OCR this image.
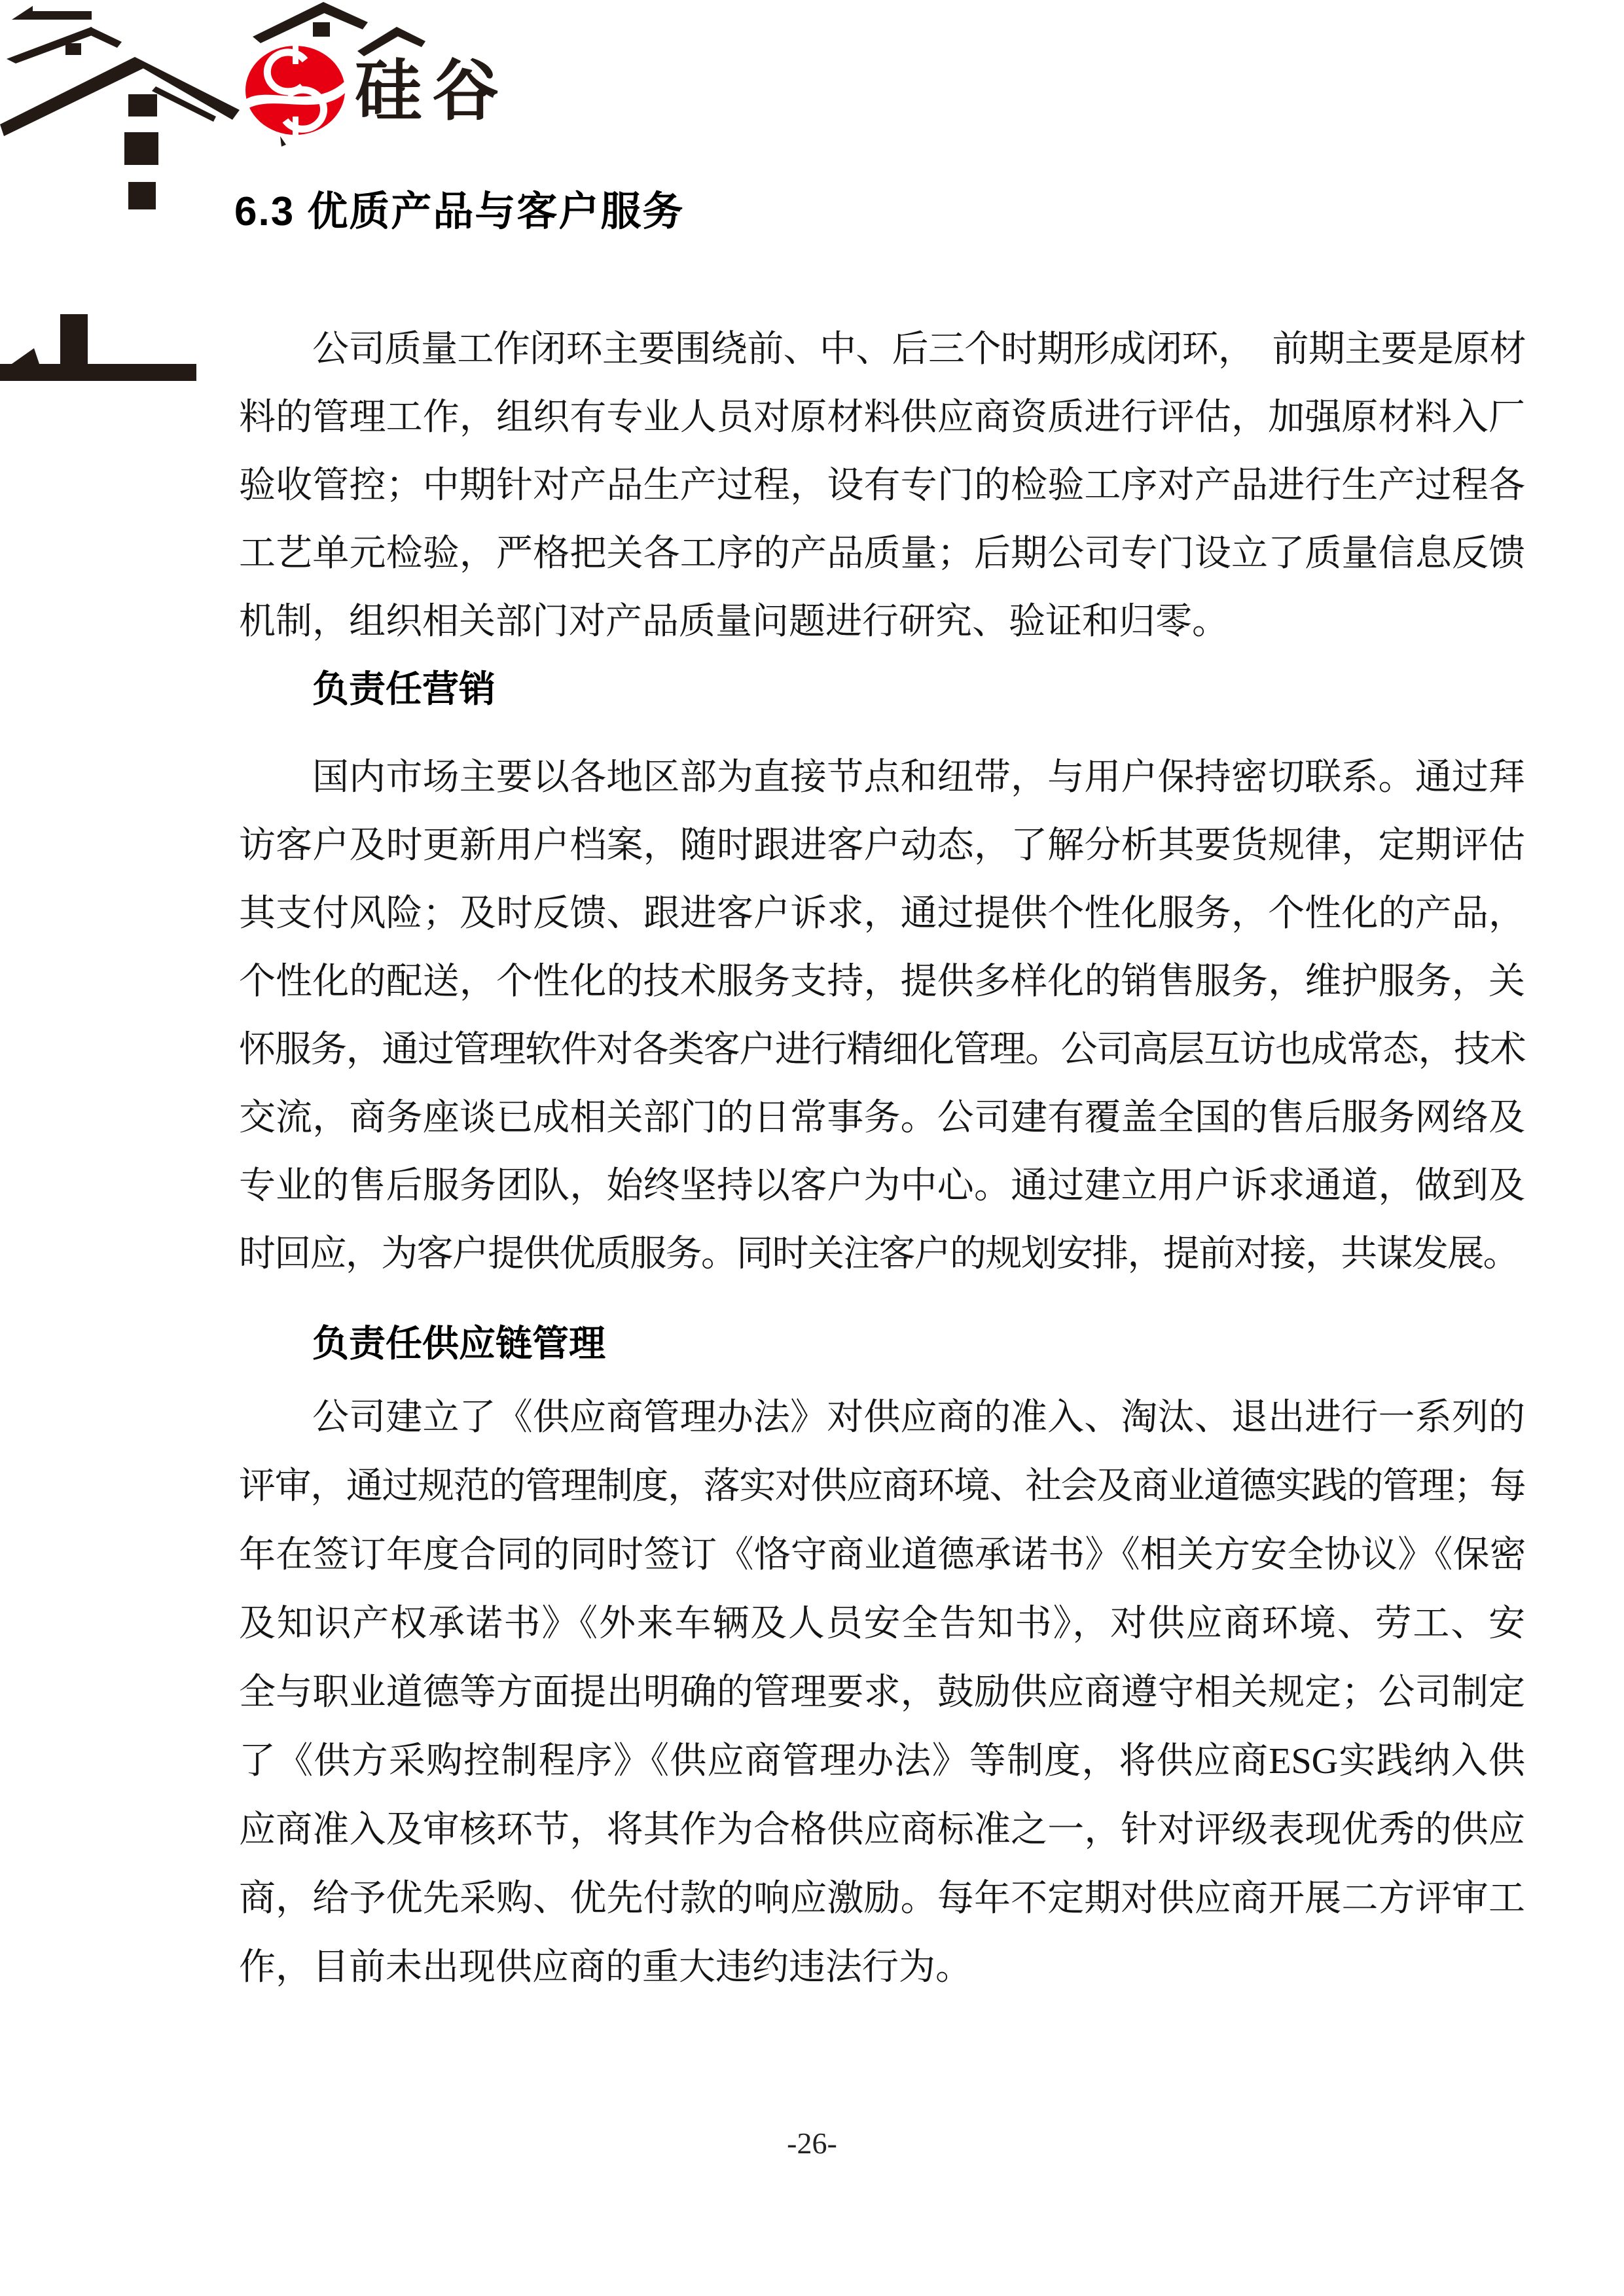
硅谷
6.3 优质产品与客户服务
公司质量工作闭环主要围绕前、中、后三个时期形成闭环，　前期主要是原材
料的管理工作，组织有专业人员对原材料供应商资质进行评估，加强原材料入厂
验收管控；中期针对产品生产过程，设有专门的检验工序对产品进行生产过程各
工艺单元检验，严格把关各工序的产品质量；后期公司专门设立了质量信息反馈
机制，组织相关部门对产品质量问题进行研究、验证和归零。
负责任营销
国内市场主要以各地区部为直接节点和纽带，与用户保持密切联系。通过拜
访客户及时更新用户档案，随时跟进客户动态，了解分析其要货规律，定期评估
其支付风险；及时反馈、跟进客户诉求，通过提供个性化服务，个性化的产品，
个性化的配送，个性化的技术服务支持，提供多样化的销售服务，维护服务，关
怀服务，通过管理软件对各类客户进行精细化管理。公司高层互访也成常态，技术
交流，商务座谈已成相关部门的日常事务。公司建有覆盖全国的售后服务网络及
专业的售后服务团队，始终坚持以客户为中心。通过建立用户诉求通道，做到及
时回应，为客户提供优质服务。同时关注客户的规划安排，提前对接，共谋发展。
负责任供应链管理
公司建立了《供应商管理办法》对供应商的准入、淘汰、退出进行一系列的
评审，通过规范的管理制度，落实对供应商环境、社会及商业道德实践的管理；每
年在签订年度合同的同时签订《恪守商业道德承诺书》《相关方安全协议》《保密
及知识产权承诺书》《外来车辆及人员安全告知书》，对供应商环境、劳工、安
全与职业道德等方面提出明确的管理要求，鼓励供应商遵守相关规定；公司制定
了《供方采购控制程序》《供应商管理办法》等制度，将供应商ESG实践纳入供
应商准入及审核环节，将其作为合格供应商标准之一，针对评级表现优秀的供应
商，给予优先采购、优先付款的响应激励。每年不定期对供应商开展二方评审工
作，目前未出现供应商的重大违约违法行为。
-26-
